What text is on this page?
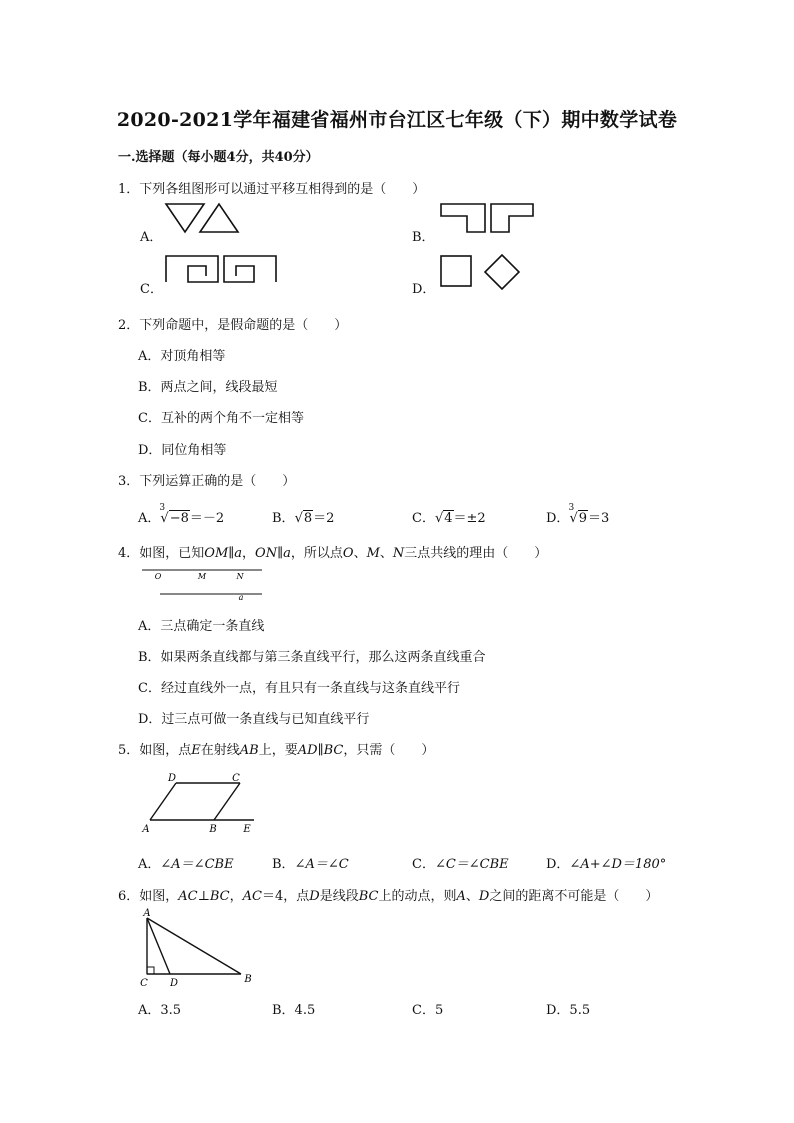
2020-2021学年福建省福州市台江区七年级（下）期中数学试卷
一.选择题（每小题4分，共40分）
1．下列各组图形可以通过平移互相得到的是（　　）
A．	B．
C．	D．
2．下列命题中，是假命题的是（　　）
A．对顶角相等
B．两点之间，线段最短
C．互补的两个角不一定相等
D．同位角相等
3．下列运算正确的是（　　）
A．
3
√−8＝－2	B．√8＝2	C．√4＝±2	D．
3
√9＝3
4．如图，已知OM∥a，ON∥a，所以点O、M、N三点共线的理由（　　）
O	M	N
a
A．三点确定一条直线
B．如果两条直线都与第三条直线平行，那么这两条直线重合
C．经过直线外一点，有且只有一条直线与这条直线平行
D．过三点可做一条直线与已知直线平行
5．如图，点E在射线AB上，要AD∥BC，只需（　　）
D	C
A	B	E
A．∠A＝∠CBE	B．∠A＝∠C	C．∠C＝∠CBE	D．∠A+∠D＝180°
6．如图，AC⊥BC，AC＝4，点D是线段BC上的动点，则A、D之间的距离不可能是（　　）
A
C D	B
A．3.5	B．4.5	C．5	D．5.5
